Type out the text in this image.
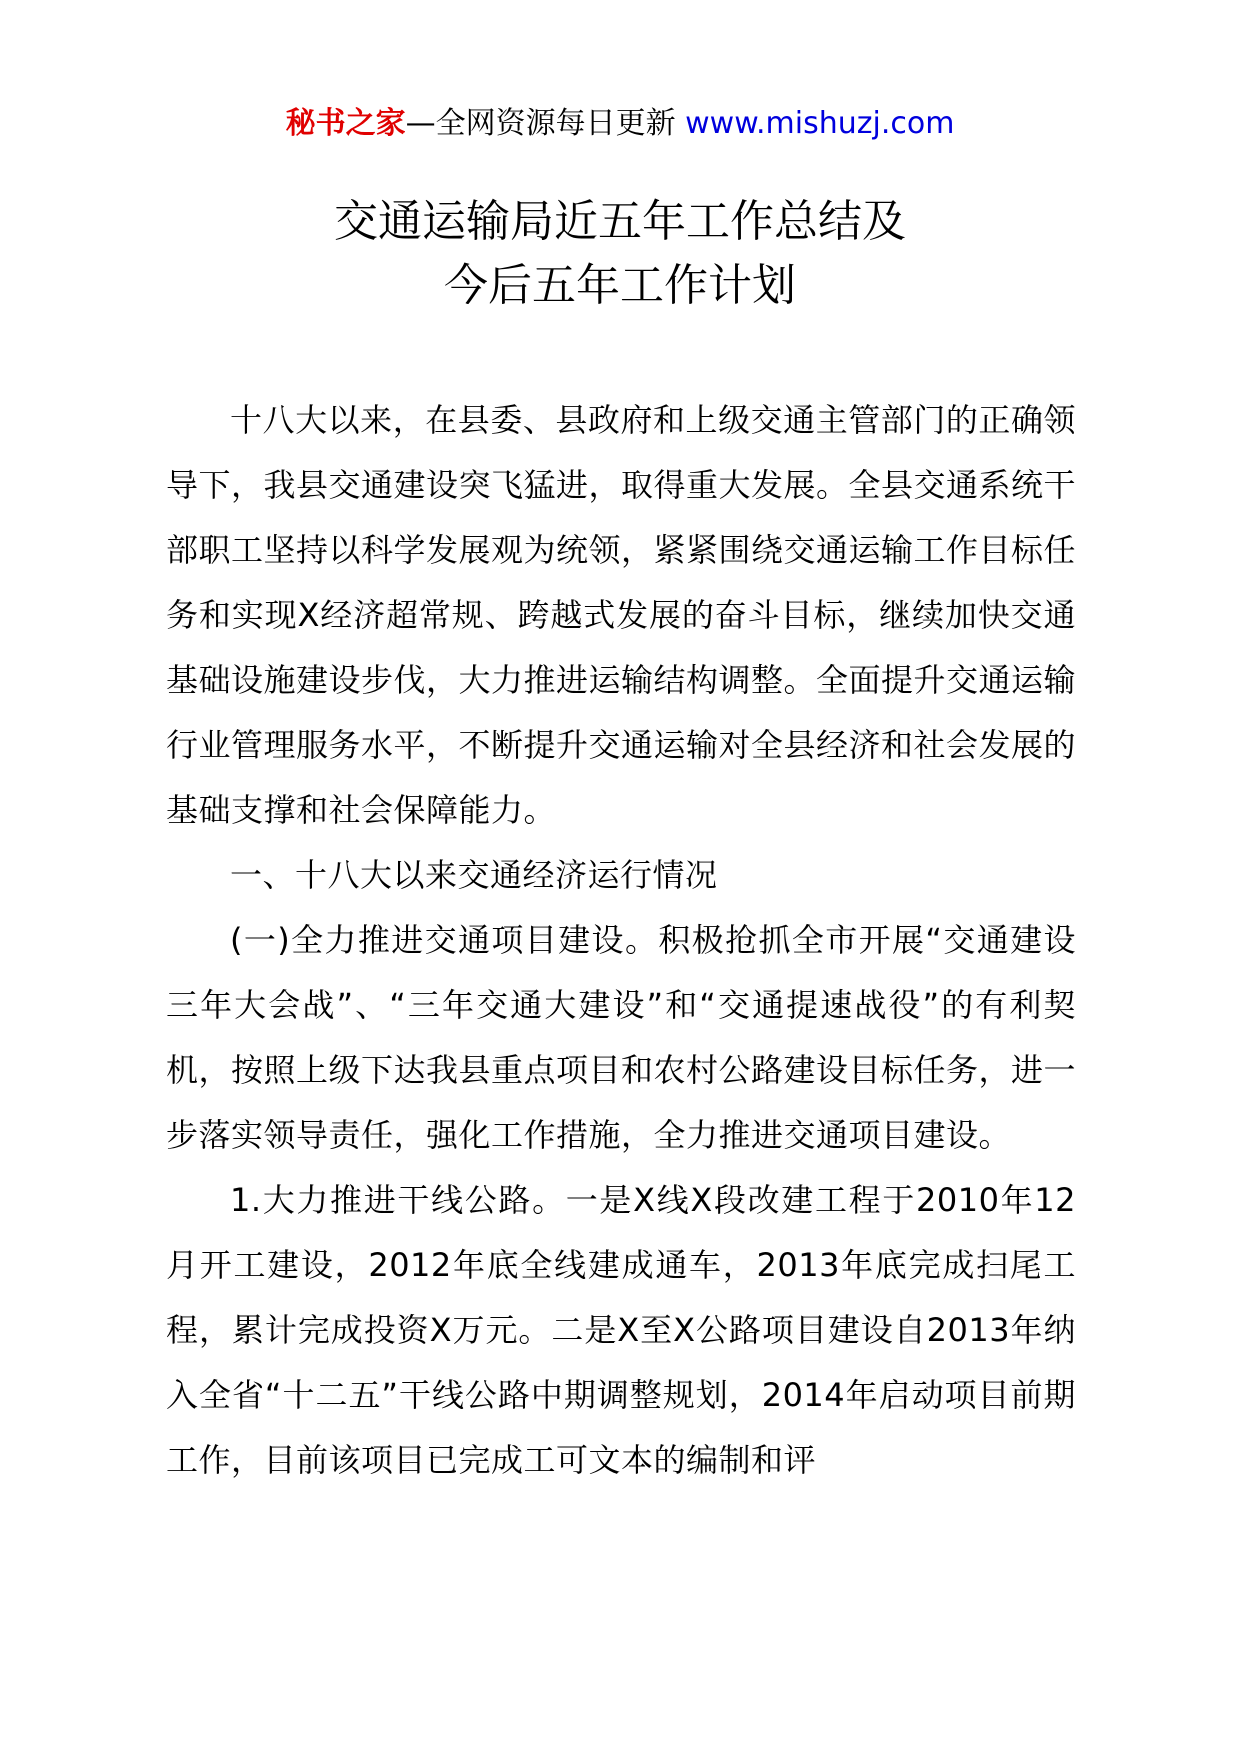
秘书之家—全网资源每日更新 www.mishuzj.com
交通运输局近五年工作总结及
今后五年工作计划

十八大以来，在县委、县政府和上级交通主管部门的正确领导下，我县交通建设突飞猛进，取得重大发展。全县交通系统干部职工坚持以科学发展观为统领，紧紧围绕交通运输工作目标任务和实现X经济超常规、跨越式发展的奋斗目标，继续加快交通基础设施建设步伐，大力推进运输结构调整。全面提升交通运输行业管理服务水平，不断提升交通运输对全县经济和社会发展的基础支撑和社会保障能力。

一、十八大以来交通经济运行情况

(一)全力推进交通项目建设。积极抢抓全市开展“交通建设三年大会战”、“三年交通大建设”和“交通提速战役”的有利契机，按照上级下达我县重点项目和农村公路建设目标任务，进一步落实领导责任，强化工作措施，全力推进交通项目建设。

1.大力推进干线公路。一是X线X段改建工程于2010年12月开工建设，2012年底全线建成通车，2013年底完成扫尾工程，累计完成投资X万元。二是X至X公路项目建设自2013年纳入全省“十二五”干线公路中期调整规划，2014年启动项目前期工作，目前该项目已完成工可文本的编制和评
